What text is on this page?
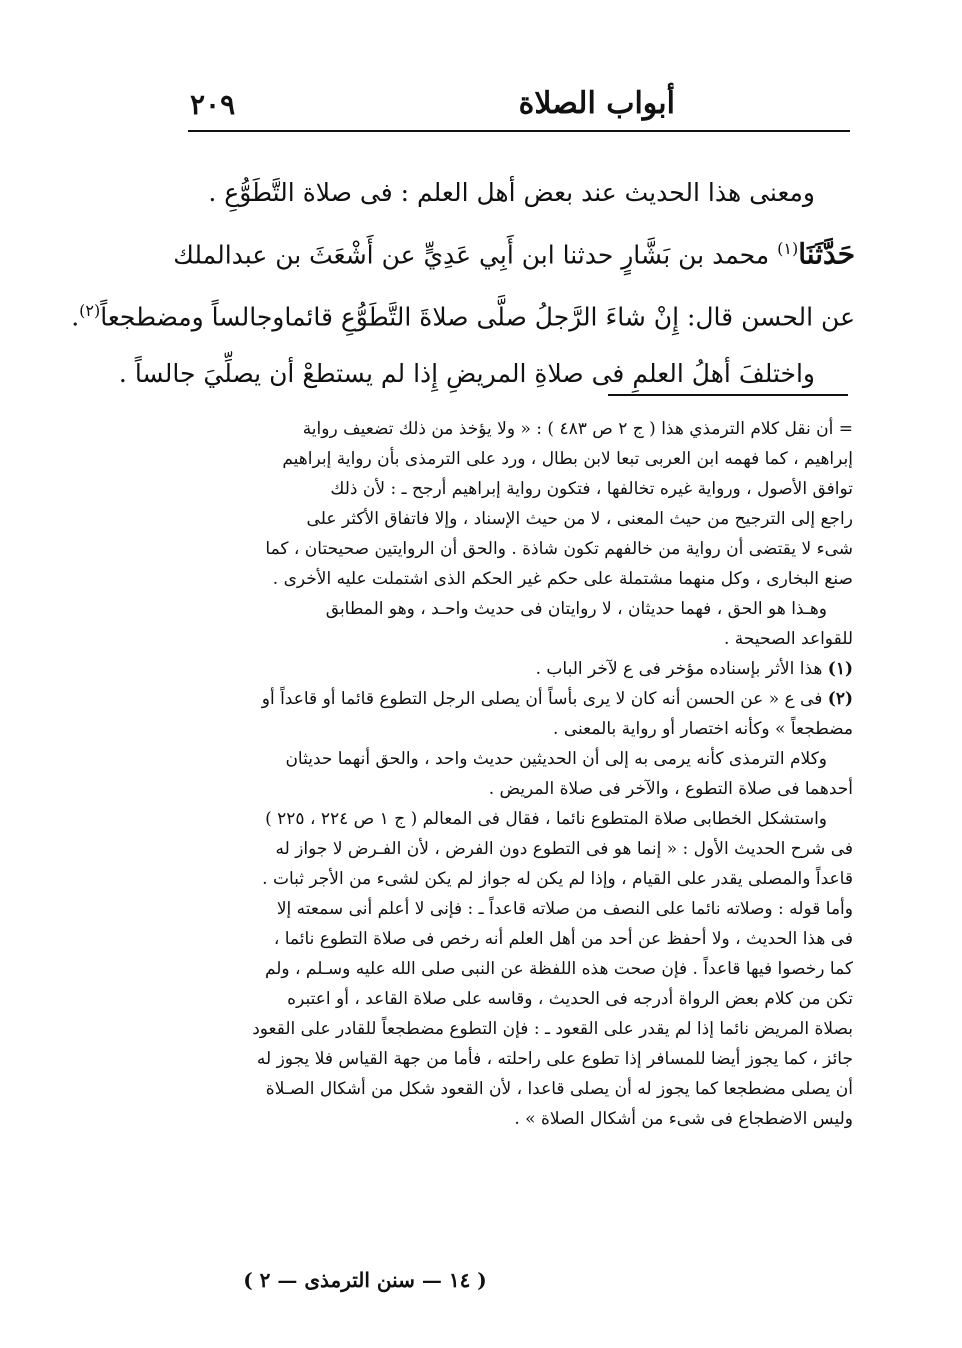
أبواب الصلاة
٢٠٩

ومعنى هذا الحديث عند بعض أهل العلم : فى صلاة التَّطَوُّعِ .

حَدَّثَنَا$^{(١)}$ محمد بن بَشَّارٍ حدثنا ابن أَبِي عَدِيٍّ عن أَشْعَثَ بن عبدالملك

عن الحسن قال: إِنْ شاءَ الرَّجلُ صلَّى صلاةَ التَّطَوُّعِ قائماوجالساً ومضطجعاً$^{(٢)}$.

واختلفَ أهلُ العلمِ فى صلاةِ المريضِ إِذا لم يستطعْ أن يصلِّيَ جالساً .

= أن نقل كلام الترمذي هذا ( ج ٢ ص ٤٨٣ ) : « ولا يؤخذ من ذلك تضعيف رواية

إبراهيم ، كما فهمه ابن العربى تبعا لابن بطال ، ورد على الترمذى بأن رواية إبراهيم

توافق الأصول ، ورواية غيره تخالفها ، فتكون رواية إبراهيم أرجح ـ : لأن ذلك

راجع إلى الترجيح من حيث المعنى ، لا من حيث الإسناد ، وإلا فاتفاق الأكثر على

شىء لا يقتضى أن رواية من خالفهم تكون شاذة . والحق أن الروايتين صحيحتان ، كما

صنع البخارى ، وكل منهما مشتملة على حكم غير الحكم الذى اشتملت عليه الأخرى .

وهـذا هو الحق ، فهما حديثان ، لا روايتان فى حديث واحـد ، وهو المطابق

للقواعد الصحيحة .

(١) هذا الأثر بإسناده مؤخر فى ع لآخر الباب .

(٢) فى ع « عن الحسن أنه كان لا يرى بأساً أن يصلى الرجل التطوع قائما أو قاعداً أو

مضطجعاً » وكأنه اختصار أو رواية بالمعنى .

وكلام الترمذى كأنه يرمى به إلى أن الحديثين حديث واحد ، والحق أنهما حديثان

أحدهما فى صلاة التطوع ، والآخر فى صلاة المريض .

واستشكل الخطابى صلاة المتطوع نائما ، فقال فى المعالم ( ج ١ ص ٢٢٤ ، ٢٢٥ )

فى شرح الحديث الأول : « إنما هو فى التطوع دون الفرض ، لأن الفـرض لا جواز له

قاعداً والمصلى يقدر على القيام ، وإذا لم يكن له جواز لم يكن لشىء من الأجر ثبات .

وأما قوله : وصلاته نائما على النصف من صلاته قاعداً ـ : فإنى لا أعلم أنى سمعته إلا

فى هذا الحديث ، ولا أحفظ عن أحد من أهل العلم أنه رخص فى صلاة التطوع نائما ،

كما رخصوا فيها قاعداً . فإن صحت هذه اللفظة عن النبى صلى الله عليه وسـلم ، ولم

تكن من كلام بعض الرواة أدرجه فى الحديث ، وقاسه على صلاة القاعد ، أو اعتبره

بصلاة المريض نائما إذا لم يقدر على القعود ـ : فإن التطوع مضطجعاً للقادر على القعود

جائز ، كما يجوز أيضا للمسافر إذا تطوع على راحلته ، فأما من جهة القياس فلا يجوز له

أن يصلى مضطجعا كما يجوز له أن يصلى قاعدا ، لأن القعود شكل من أشكال الصـلاة

وليس الاضطجاع فى شىء من أشكال الصلاة » .

( ١٤ — سنن الترمذى — ٢ )
